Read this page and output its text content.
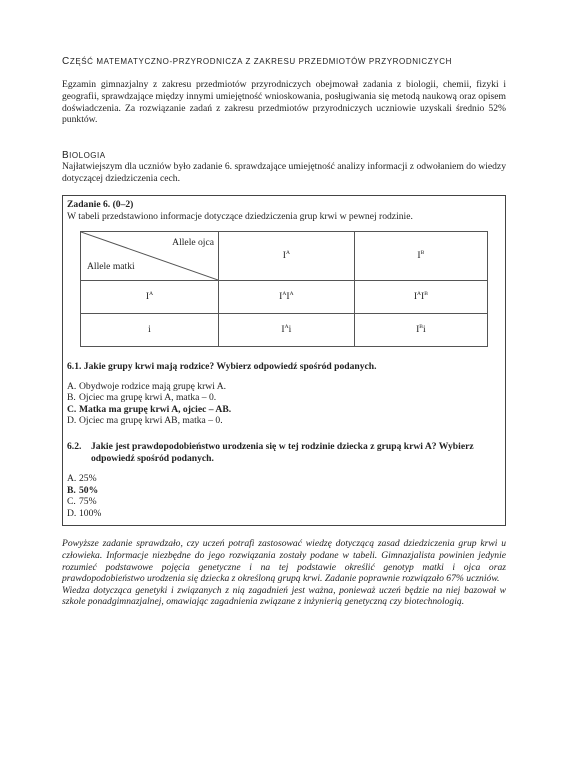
CZĘŚĆ MATEMATYCZNO-PRZYRODNICZA Z ZAKRESU PRZEDMIOTÓW PRZYRODNICZYCH

Egzamin gimnazjalny z zakresu przedmiotów przyrodniczych obejmował zadania z biologii, chemii, fizyki i geografii, sprawdzające między innymi umiejętność wnioskowania, posługiwania się metodą naukową oraz opisem doświadczenia. Za rozwiązanie zadań z zakresu przedmiotów przyrodniczych uczniowie uzyskali średnio 52% punktów.

BIOLOGIA

Najłatwiejszym dla uczniów było zadanie 6. sprawdzające umiejętność analizy informacji z odwołaniem do wiedzy dotyczącej dziedziczenia cech.

Zadanie 6. (0–2)

W tabeli przedstawiono informacje dotyczące dziedziczenia grup krwi w pewnej rodzinie.

Allele ojca
Allele matki	$I^A$	$I^B$
$I^A$	$I^AI^A$	$I^AI^B$
i	$I^Ai$	$I^Bi$
6.1. Jakie grupy krwi mają rodzice? Wybierz odpowiedź spośród podanych.
A. Obydwoje rodzice mają grupę krwi A.
B. Ojciec ma grupę krwi A, matka – 0.
C. Matka ma grupę krwi A, ojciec – AB.
D. Ojciec ma grupę krwi AB, matka – 0.
6.2.	Jakie jest prawdopodobieństwo urodzenia się w tej rodzinie dziecka z grupą krwi A? Wybierz odpowiedź spośród podanych.
A. 25%
B. 50%
C. 75%
D. 100%

Powyższe zadanie sprawdzało, czy uczeń potrafi zastosować wiedzę dotyczącą zasad dziedziczenia grup krwi u człowieka. Informacje niezbędne do jego rozwiązania zostały podane w tabeli. Gimnazjalista powinien jedynie rozumieć podstawowe pojęcia genetyczne i na tej podstawie określić genotyp matki i ojca oraz prawdopodobieństwo urodzenia się dziecka z określoną grupą krwi. Zadanie poprawnie rozwiązało 67% uczniów.

Wiedza dotycząca genetyki i związanych z nią zagadnień jest ważna, ponieważ uczeń będzie na niej bazował w szkole ponadgimnazjalnej, omawiając zagadnienia związane z inżynierią genetyczną czy biotechnologią.
